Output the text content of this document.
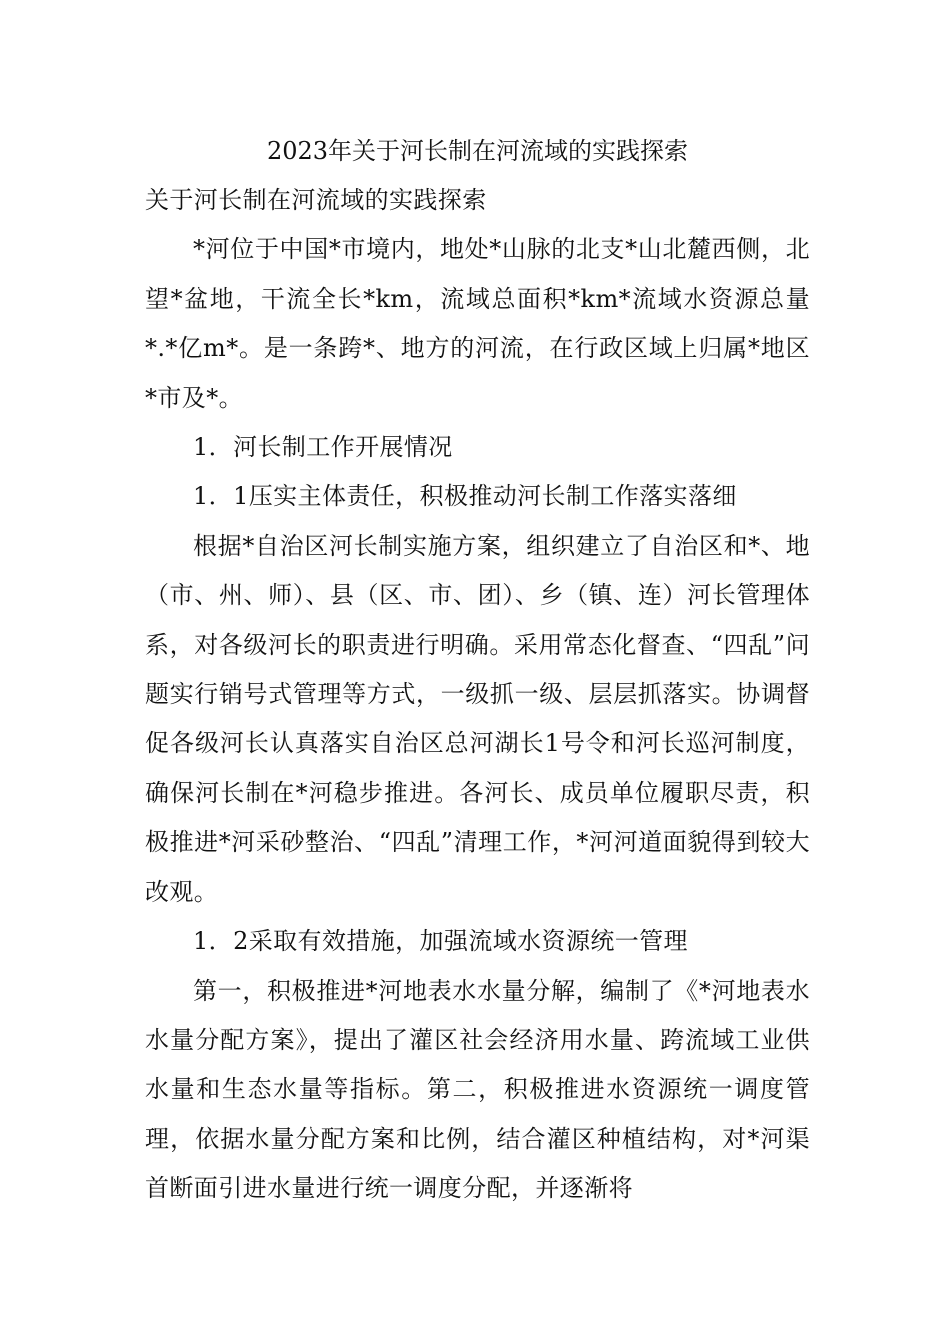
2023年关于河长制在河流域的实践探索

关于河长制在河流域的实践探索

*河位于中国*市境内，地处*山脉的北支*山北麓西侧，北望*盆地，干流全长*km，流域总面积*km*流域水资源总量*.*亿m*。是一条跨*、地方的河流，在行政区域上归属*地区*市及*。

1．河长制工作开展情况

1．1压实主体责任，积极推动河长制工作落实落细

根据*自治区河长制实施方案，组织建立了自治区和*、地（市、州、师）、县（区、市、团）、乡（镇、连）河长管理体系，对各级河长的职责进行明确。采用常态化督查、“四乱”问题实行销号式管理等方式，一级抓一级、层层抓落实。协调督促各级河长认真落实自治区总河湖长1号令和河长巡河制度，确保河长制在*河稳步推进。各河长、成员单位履职尽责，积极推进*河采砂整治、“四乱”清理工作，*河河道面貌得到较大改观。

1．2采取有效措施，加强流域水资源统一管理

第一，积极推进*河地表水水量分解，编制了《*河地表水水量分配方案》，提出了灌区社会经济用水量、跨流域工业供水量和生态水量等指标。第二，积极推进水资源统一调度管理，依据水量分配方案和比例，结合灌区种植结构，对*河渠首断面引进水量进行统一调度分配，并逐渐将
